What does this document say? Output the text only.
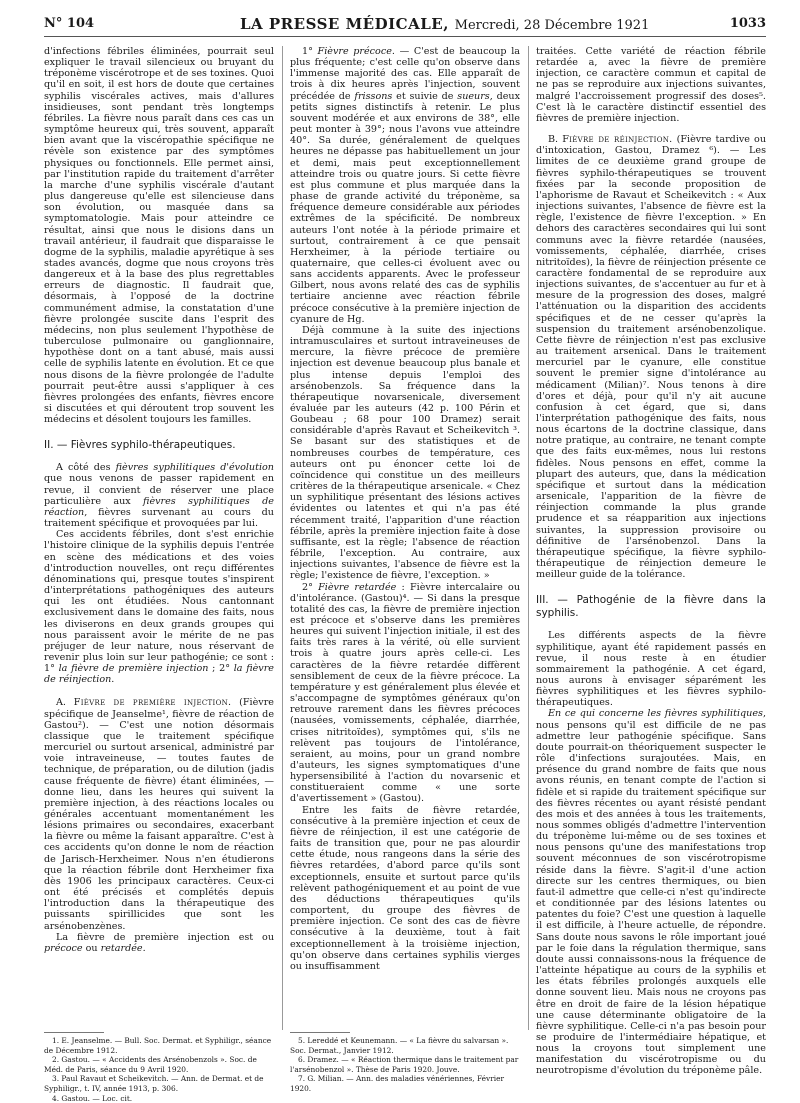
N° 104	LA PRESSE MÉDICALE, Mercredi, 28 Décembre 1921	1033

d'infections fébriles éliminées, pourrait seul expliquer le travail silencieux ou bruyant du tréponème viscérotrope et de ses toxines. Quoi qu'il en soit, il est hors de doute que certaines syphilis viscérales actives, mais d'allures insidieuses, sont pendant très longtemps fébriles. La fièvre nous paraît dans ces cas un symptôme heureux qui, très souvent, apparaît bien avant que la viscéropathie spécifique ne révèle son existence par des symptômes physiques ou fonctionnels. Elle permet ainsi, par l'institution rapide du traitement d'arrêter la marche d'une syphilis viscérale d'autant plus dangereuse qu'elle est silencieuse dans son évolution, ou masquée dans sa symptomatologie. Mais pour atteindre ce résultat, ainsi que nous le disions dans un travail antérieur, il faudrait que disparaisse le dogme de la syphilis, maladie apyrétique à ses stades avancés, dogme que nous croyons très dangereux et à la base des plus regrettables erreurs de diagnostic. Il faudrait que, désormais, à l'opposé de la doctrine communément admise, la constatation d'une fièvre prolongée suscite dans l'esprit des médecins, non plus seulement l'hypothèse de tuberculose pulmonaire ou ganglionnaire, hypothèse dont on a tant abusé, mais aussi celle de syphilis latente en évolution. Et ce que nous disons de la fièvre prolongée de l'adulte pourrait peut-être aussi s'appliquer à ces fièvres prolongées des enfants, fièvres encore si discutées et qui déroutent trop souvent les médecins et désolent toujours les familles.

II. — Fièvres syphilo-thérapeutiques.

A côté des fièvres syphilitiques d'évolution que nous venons de passer rapidement en revue, il convient de réserver une place particulière aux fièvres syphilitiques de réaction, fièvres survenant au cours du traitement spécifique et provoquées par lui.

Ces accidents fébriles, dont s'est enrichie l'histoire clinique de la syphilis depuis l'entrée en scène des médications et des voies d'introduction nouvelles, ont reçu différentes dénominations qui, presque toutes s'inspirent d'interprétations pathogéniques des auteurs qui les ont étudiées. Nous cantonnant exclusivement dans le domaine des faits, nous les diviserons en deux grands groupes qui nous paraissent avoir le mérite de ne pas préjuger de leur nature, nous réservant de revenir plus loin sur leur pathogénie; ce sont : 1° la fièvre de première injection ; 2° la fièvre de réinjection.

A. Fièvre de première injection. (Fièvre spécifique de Jeanselme¹, fièvre de réaction de Gastou²). — C'est une notion désormais classique que le traitement spécifique mercuriel ou surtout arsenical, administré par voie intraveineuse, — toutes fautes de technique, de préparation, ou de dilution (jadis cause fréquente de fièvre) étant éliminées, — donne lieu, dans les heures qui suivent la première injection, à des réactions locales ou générales accentuant momentanément les lésions primaires ou secondaires, exacerbant la fièvre ou même la faisant apparaître. C'est à ces accidents qu'on donne le nom de réaction de Jarisch-Herxheimer. Nous n'en étudierons que la réaction fébrile dont Herxheimer fixa dès 1906 les principaux caractères. Ceux-ci ont été précisés et complétés depuis l'introduction dans la thérapeutique des puissants spirillicides que sont les arsénobenzènes.

La fièvre de première injection est ou précoce ou retardée.

1° Fièvre précoce. — C'est de beaucoup la plus fréquente; c'est celle qu'on observe dans l'immense majorité des cas. Elle apparaît de trois à dix heures après l'injection, souvent précédée de frissons et suivie de sueurs, deux petits signes distinctifs à retenir. Le plus souvent modérée et aux environs de 38°, elle peut monter à 39°; nous l'avons vue atteindre 40°. Sa durée, généralement de quelques heures ne dépasse pas habituellement un jour et demi, mais peut exceptionnellement atteindre trois ou quatre jours. Si cette fièvre est plus commune et plus marquée dans la phase de grande activité du tréponème, sa fréquence demeure considérable aux périodes extrêmes de la spécificité. De nombreux auteurs l'ont notée à la période primaire et surtout, contrairement à ce que pensait Herxheimer, à la période tertiaire ou quaternaire, que celles-ci évoluent avec ou sans accidents apparents. Avec le professeur Gilbert, nous avons relaté des cas de syphilis tertiaire ancienne avec réaction fébrile précoce consécutive à la première injection de cyanure de Hg.

Déjà commune à la suite des injections intramusculaires et surtout intraveineuses de mercure, la fièvre précoce de première injection est devenue beaucoup plus banale et plus intense depuis l'emploi des arsénobenzols. Sa fréquence dans la thérapeutique novarsenicale, diversement évaluée par les auteurs (42 p. 100 Périn et Goubeau ; 68 pour 100 Dramez) serait considérable d'après Ravaut et Scheikevitch ³. Se basant sur des statistiques et de nombreuses courbes de température, ces auteurs ont pu énoncer cette loi de coïncidence qui constitue un des meilleurs critères de la thérapeutique arsenicale. « Chez un syphilitique présentant des lésions actives évidentes ou latentes et qui n'a pas été récemment traité, l'apparition d'une réaction fébrile, après la première injection faite à dose suffisante, est la règle; l'absence de réaction fébrile, l'exception. Au contraire, aux injections suivantes, l'absence de fièvre est la règle; l'existence de fièvre, l'exception. »

2° Fièvre retardée : Fièvre intercalaire ou d'intolérance. (Gastou)⁴. — Si dans la presque totalité des cas, la fièvre de première injection est précoce et s'observe dans les premières heures qui suivent l'injection initiale, il est des faits très rares à la vérité, où elle survient trois à quatre jours après celle-ci. Les caractères de la fièvre retardée diffèrent sensiblement de ceux de la fièvre précoce. La température y est généralement plus élevée et s'accompagne de symptômes généraux qu'on retrouve rarement dans les fièvres précoces (nausées, vomissements, céphalée, diarrhée, crises nitritoïdes), symptômes qui, s'ils ne relèvent pas toujours de l'intolérance, seraient, au moins, pour un grand nombre d'auteurs, les signes symptomatiques d'une hypersensibilité à l'action du novarsenic et constitueraient comme « une sorte d'avertissement » (Gastou).

Entre les faits de fièvre retardée, consécutive à la première injection et ceux de fièvre de réinjection, il est une catégorie de faits de transition que, pour ne pas alourdir cette étude, nous rangeons dans la série des fièvres retardées, d'abord parce qu'ils sont exceptionnels, ensuite et surtout parce qu'ils relèvent pathogéniquement et au point de vue des déductions thérapeutiques qu'ils comportent, du groupe des fièvres de première injection. Ce sont des cas de fièvre consécutive à la deuxième, tout à fait exceptionnellement à la troisième injection, qu'on observe dans certaines syphilis vierges ou insuffisamment

traitées. Cette variété de réaction fébrile retardée a, avec la fièvre de première injection, ce caractère commun et capital de ne pas se reproduire aux injections suivantes, malgré l'accroissement progressif des doses⁵. C'est là le caractère distinctif essentiel des fièvres de première injection.

B. Fièvre de réinjection. (Fièvre tardive ou d'intoxication, Gastou, Dramez ⁶). — Les limites de ce deuxième grand groupe de fièvres syphilo-thérapeutiques se trouvent fixées par la seconde proposition de l'aphorisme de Ravaut et Scheikevitch : « Aux injections suivantes, l'absence de fièvre est la règle, l'existence de fièvre l'exception. » En dehors des caractères secondaires qui lui sont communs avec la fièvre retardée (nausées, vomissements, céphalée, diarrhée, crises nitritoïdes), la fièvre de réinjection présente ce caractère fondamental de se reproduire aux injections suivantes, de s'accentuer au fur et à mesure de la progression des doses, malgré l'atténuation ou la disparition des accidents spécifiques et de ne cesser qu'après la suspension du traitement arsénobenzolique. Cette fièvre de réinjection n'est pas exclusive au traitement arsenical. Dans le traitement mercuriel par le cyanure, elle constitue souvent le premier signe d'intolérance au médicament (Milian)⁷. Nous tenons à dire d'ores et déjà, pour qu'il n'y ait aucune confusion à cet égard, que si, dans l'interprétation pathogénique des faits, nous nous écartons de la doctrine classique, dans notre pratique, au contraire, ne tenant compte que des faits eux-mêmes, nous lui restons fidèles. Nous pensons en effet, comme la plupart des auteurs, que, dans la médication spécifique et surtout dans la médication arsenicale, l'apparition de la fièvre de réinjection commande la plus grande prudence et sa réapparition aux injections suivantes, la suppression provisoire ou définitive de l'arsénobenzol. Dans la thérapeutique spécifique, la fièvre syphilo-thérapeutique de réinjection demeure le meilleur guide de la tolérance.

III. — Pathogénie de la fièvre dans la syphilis.

Les différents aspects de la fièvre syphilitique, ayant été rapidement passés en revue, il nous reste à en étudier sommairement la pathogénie. A cet égard, nous aurons à envisager séparément les fièvres syphilitiques et les fièvres syphilo-thérapeutiques.

En ce qui concerne les fièvres syphilitiques, nous pensons qu'il est difficile de ne pas admettre leur pathogénie spécifique. Sans doute pourrait-on théoriquement suspecter le rôle d'infections surajoutées. Mais, en présence du grand nombre de faits que nous avons réunis, en tenant compte de l'action si fidèle et si rapide du traitement spécifique sur des fièvres récentes ou ayant résisté pendant des mois et des années à tous les traitements, nous sommes obligés d'admettre l'intervention du tréponème lui-même ou de ses toxines et nous pensons qu'une des manifestations trop souvent méconnues de son viscérotropisme réside dans la fièvre. S'agit-il d'une action directe sur les centres thermiques, ou bien faut-il admettre que celle-ci n'est qu'indirecte et conditionnée par des lésions latentes ou patentes du foie? C'est une question à laquelle il est difficile, à l'heure actuelle, de répondre. Sans doute nous savons le rôle important joué par le foie dans la régulation thermique, sans doute aussi connaissons-nous la fréquence de l'atteinte hépatique au cours de la syphilis et les états fébriles prolongés auxquels elle donne souvent lieu. Mais nous ne croyons pas être en droit de faire de la lésion hépatique une cause déterminante obligatoire de la fièvre syphilitique. Celle-ci n'a pas besoin pour se produire de l'intermédiaire hépatique, et nous la croyons tout simplement une manifestation du viscérotropisme ou du neurotropisme d'évolution du tréponème pâle.

1. E. Jeanselme. — Bull. Soc. Dermat. et Syphiligr., séance de Décembre 1912.
2. Gastou. — « Accidents des Arsénobenzols ». Soc. de Méd. de Paris, séance du 9 Avril 1920.
3. Paul Ravaut et Scheikevitch. — Ann. de Dermat. et de Syphiligr., t. IV, année 1913, p. 306.
4. Gastou. — Loc. cit.
5. Lereddé et Keunemann. — « La fièvre du salvarsan ». Soc. Dermat., Janvier 1912.
6. Dramez. — « Réaction thermique dans le traitement par l'arsénobenzol ». Thèse de Paris 1920. Jouve.
7. G. Milian. — Ann. des maladies vénériennes, Février 1920.
